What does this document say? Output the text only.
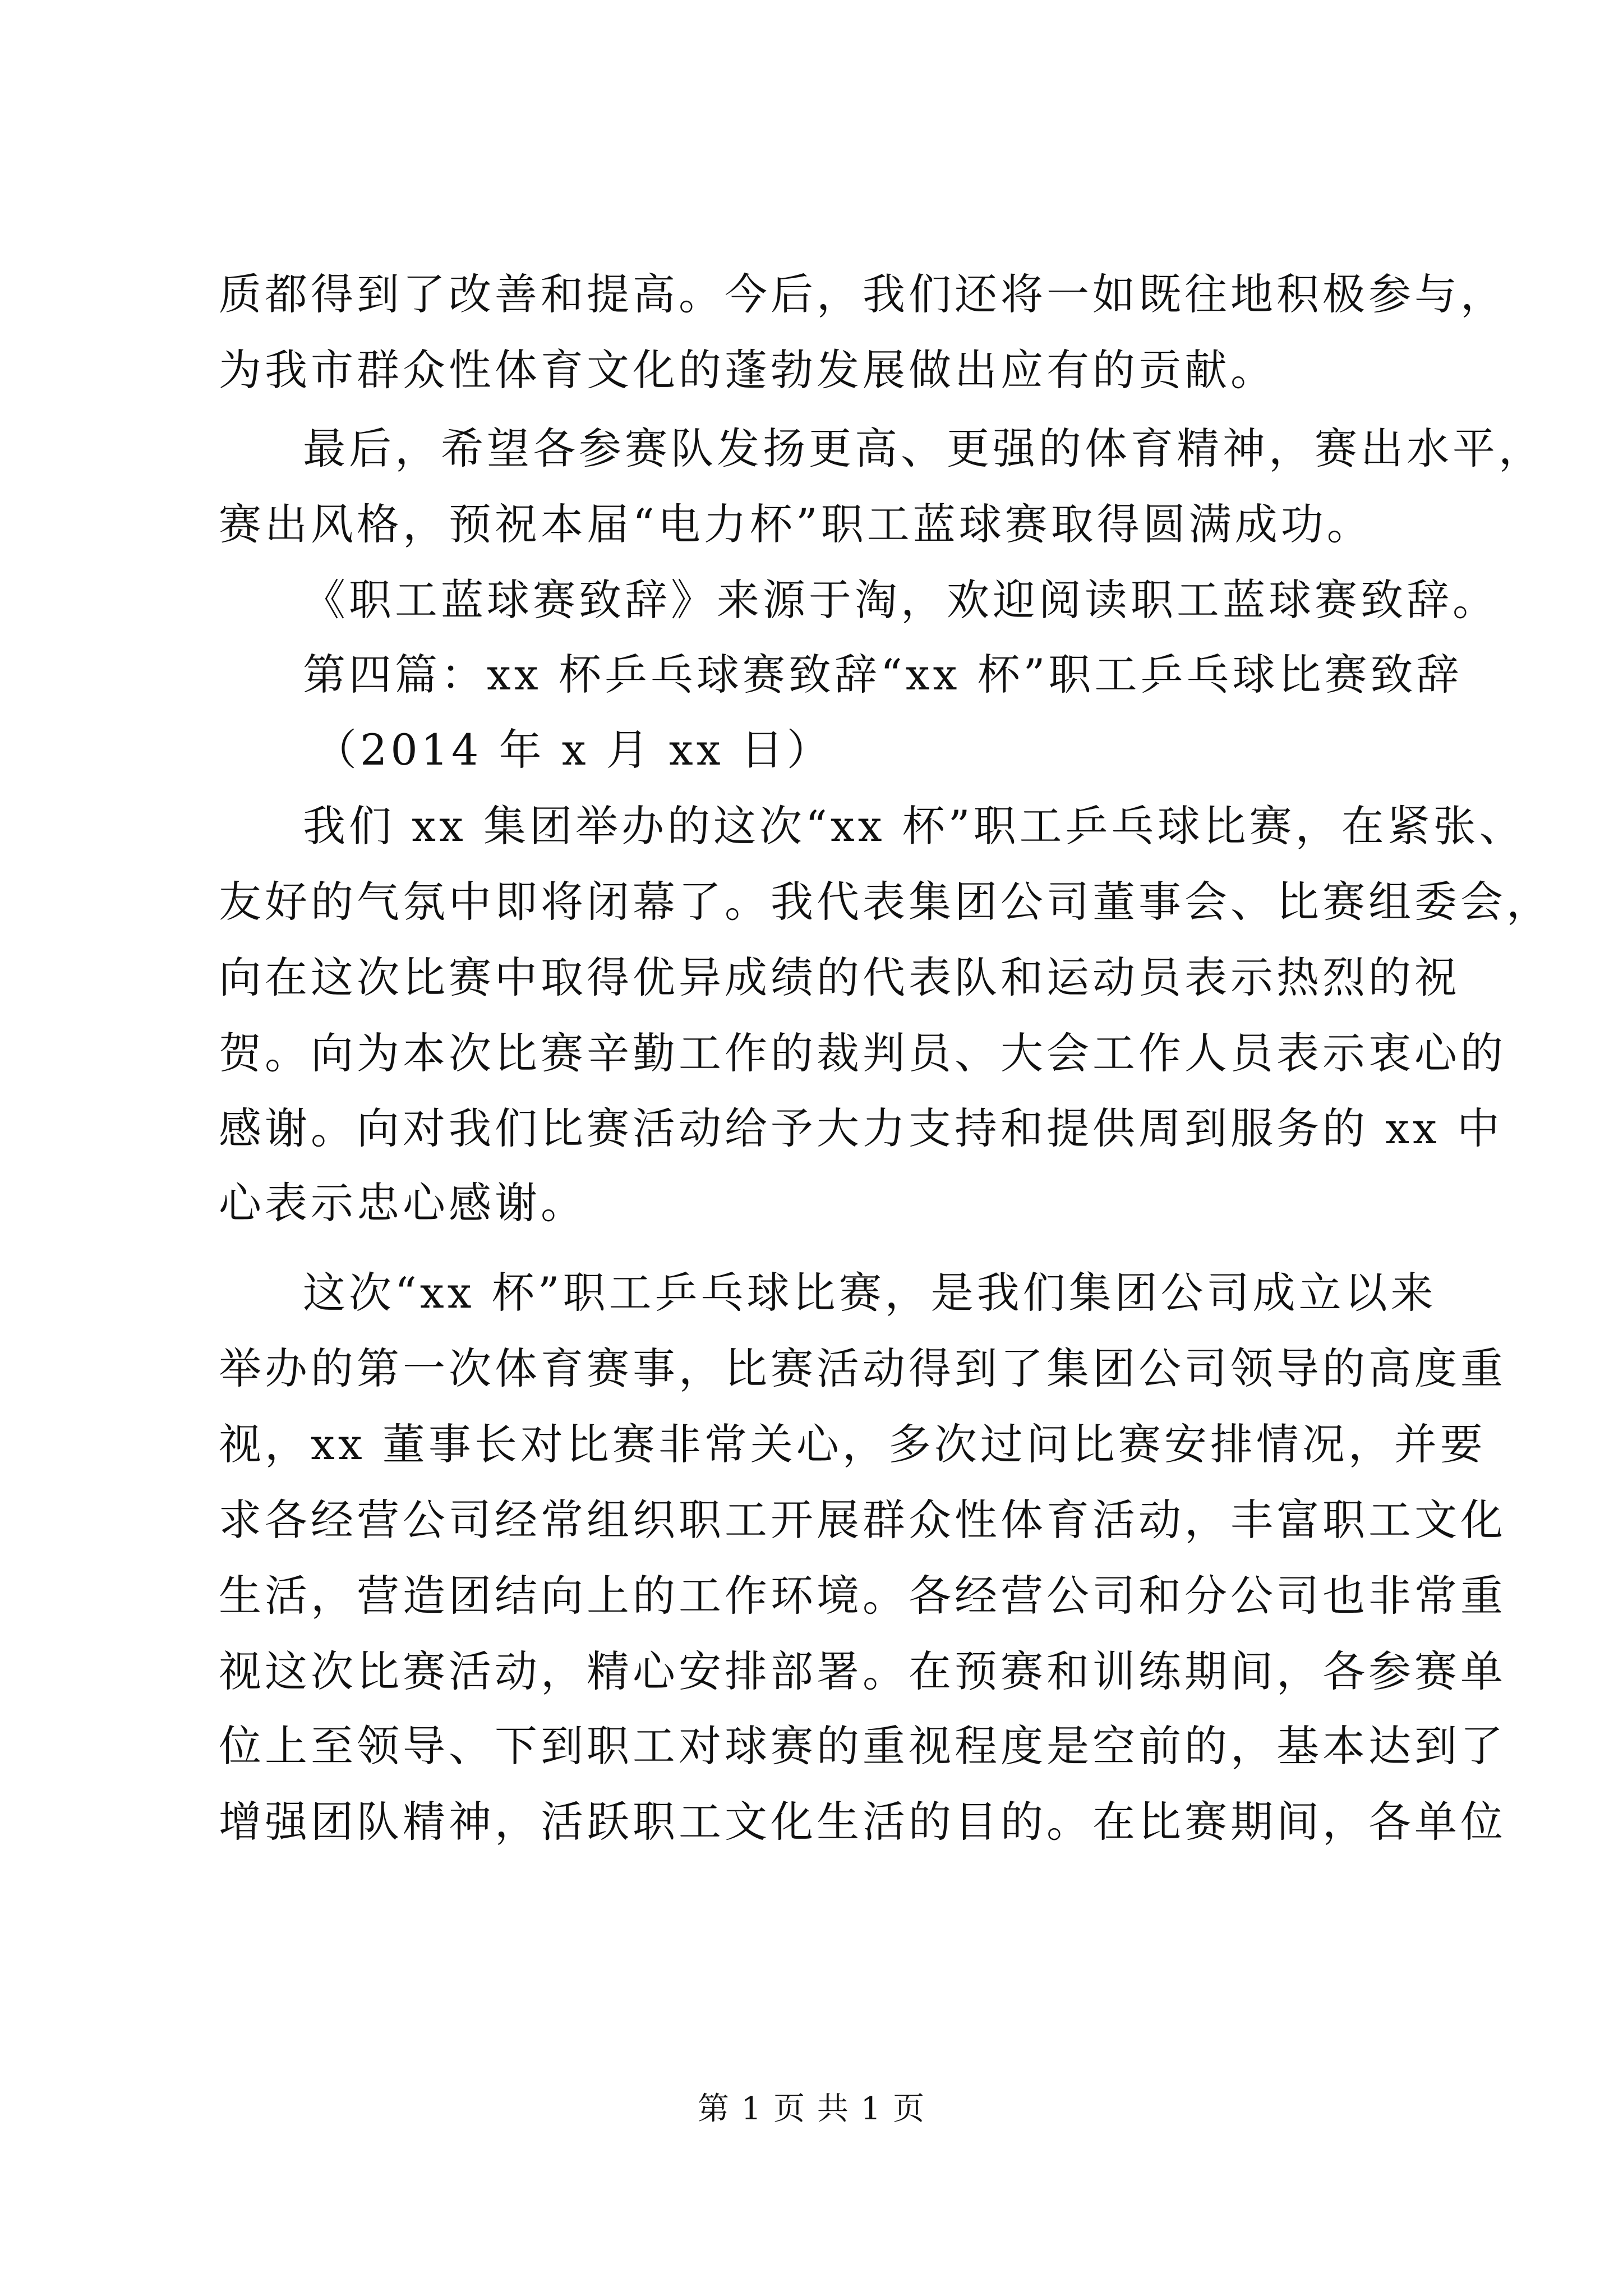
质都得到了改善和提高。今后，我们还将一如既往地积极参与，
为我市群众性体育文化的蓬勃发展做出应有的贡献。
最后，希望各参赛队发扬更高、更强的体育精神，赛出水平，
赛出风格，预祝本届“电力杯”职工蓝球赛取得圆满成功。
《职工蓝球赛致辞》来源于淘，欢迎阅读职工蓝球赛致辞。
第四篇：xx 杯乒乓球赛致辞“xx 杯”职工乒乓球比赛致辞
（2014 年 x 月 xx 日）
我们 xx 集团举办的这次“xx 杯”职工乒乓球比赛，在紧张、
友好的气氛中即将闭幕了。我代表集团公司董事会、比赛组委会，
向在这次比赛中取得优异成绩的代表队和运动员表示热烈的祝
贺。向为本次比赛辛勤工作的裁判员、大会工作人员表示衷心的
感谢。向对我们比赛活动给予大力支持和提供周到服务的 xx 中
心表示忠心感谢。
这次“xx 杯”职工乒乓球比赛，是我们集团公司成立以来
举办的第一次体育赛事，比赛活动得到了集团公司领导的高度重
视，xx 董事长对比赛非常关心，多次过问比赛安排情况，并要
求各经营公司经常组织职工开展群众性体育活动，丰富职工文化
生活，营造团结向上的工作环境。各经营公司和分公司也非常重
视这次比赛活动，精心安排部署。在预赛和训练期间，各参赛单
位上至领导、下到职工对球赛的重视程度是空前的，基本达到了
增强团队精神，活跃职工文化生活的目的。在比赛期间，各单位
第 1 页 共 1 页
